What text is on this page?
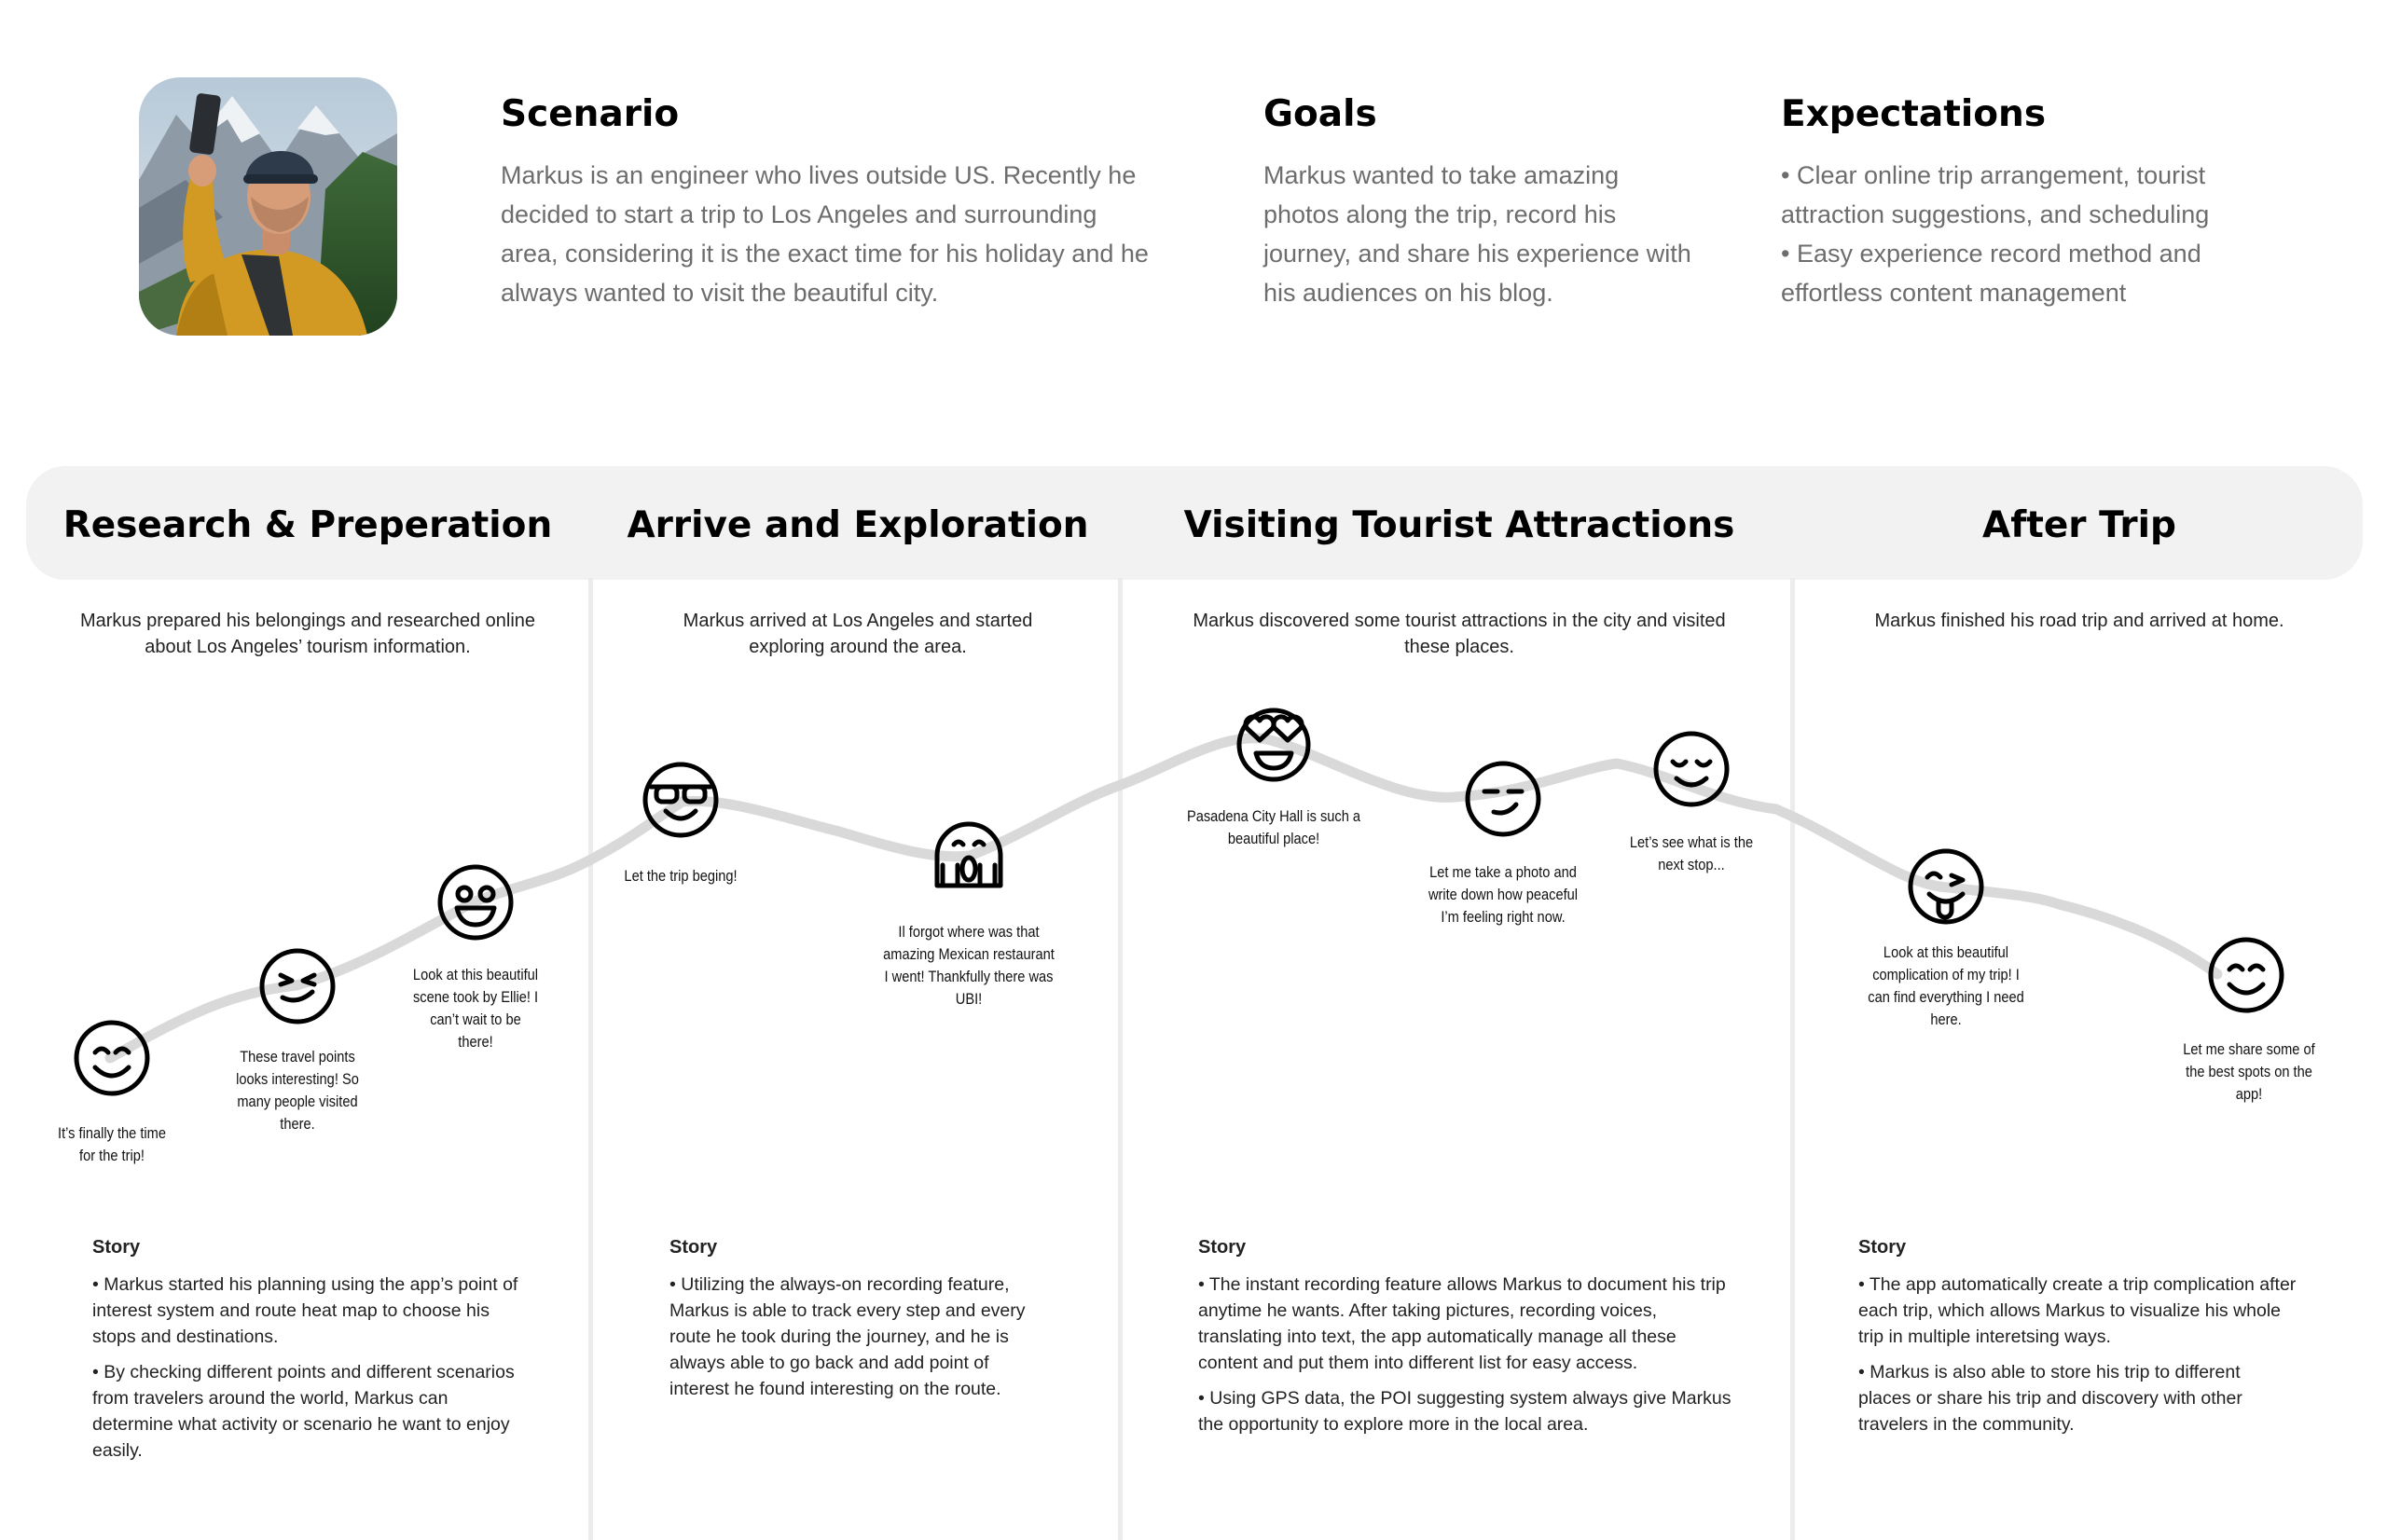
Scenario

Markus is an engineer who lives outside US. Recently he decided to start a trip to Los Angeles and surrounding area, considering it is the exact time for his holiday and he always wanted to visit the beautiful city.

Goals

Markus wanted to take amazing photos along the trip, record his journey, and share his experience with his audiences on his blog.

Expectations

• Clear online trip arrangement, tourist attraction suggestions, and scheduling

• Easy experience record method and effortless content management

Research & Preperation	Arrive and Exploration	Visiting Tourist Attractions	After Trip

Markus prepared his belongings and researched online about Los Angeles’ tourism information.

Markus arrived at Los Angeles and started exploring around the area.

Markus discovered some tourist attractions in the city and visited these places.

Markus finished his road trip and arrived at home.

It’s finally the time for the trip!

These travel points looks interesting! So many people visited there.

Look at this beautiful scene took by Ellie! I can’t wait to be there!

Let the trip beging!

Il forgot where was that amazing Mexican restaurant I went! Thankfully there was UBI!

Pasadena City Hall is such a beautiful place!

Let me take a photo and write down how peaceful I’m feeling right now.

Let’s see what is the next stop...

Look at this beautiful complication of my trip! I can find everything I need here.

Let me share some of the best spots on the app!

Story

• Markus started his planning using the app’s point of interest system and route heat map to choose his stops and destinations.

• By checking different points and different scenarios from travelers around the world, Markus can determine what activity or scenario he want to enjoy easily.

Story

• Utilizing the always-on recording feature, Markus is able to track every step and every route he took during the journey, and he is always able to go back and add point of interest he found interesting on the route.

Story

• The instant recording feature allows Markus to document his trip anytime he wants. After taking pictures, recording voices, translating into text, the app automatically manage all these content and put them into different list for easy access.

• Using GPS data, the POI suggesting system always give Markus the opportunity to explore more in the local area.

Story

• The app automatically create a trip complication after each trip, which allows Markus to visualize his whole trip in multiple interetsing ways.

• Markus is also able to store his trip to different places or share his trip and discovery with other travelers in the community.
